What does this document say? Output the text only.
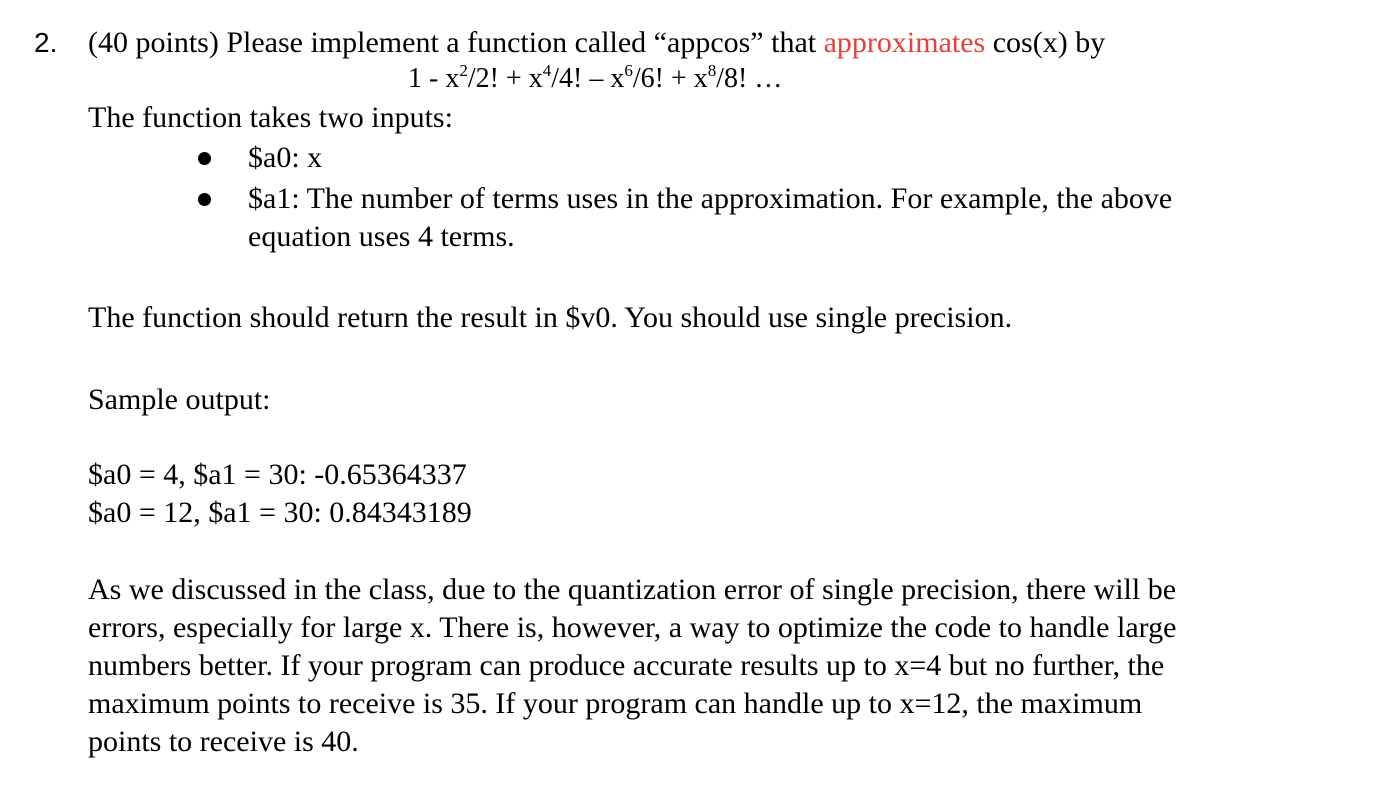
2. (40 points) Please implement a function called “appcos” that approximates cos(x) by
$1 - x^2/2$! + $x^4/4$! – $x^6/6$! + $x^8/8$! …
The function takes two inputs:
$a0: x
$a1: The number of terms uses in the approximation. For example, the above
equation uses 4 terms.
The function should return the result in $v0. You should use single precision.
Sample output:
$a0 = 4, $a1 = 30: -0.65364337
$a0 = 12, $a1 = 30: 0.84343189
As we discussed in the class, due to the quantization error of single precision, there will be
errors, especially for large x. There is, however, a way to optimize the code to handle large
numbers better. If your program can produce accurate results up to x=4 but no further, the
maximum points to receive is 35. If your program can handle up to x=12, the maximum
points to receive is 40.
